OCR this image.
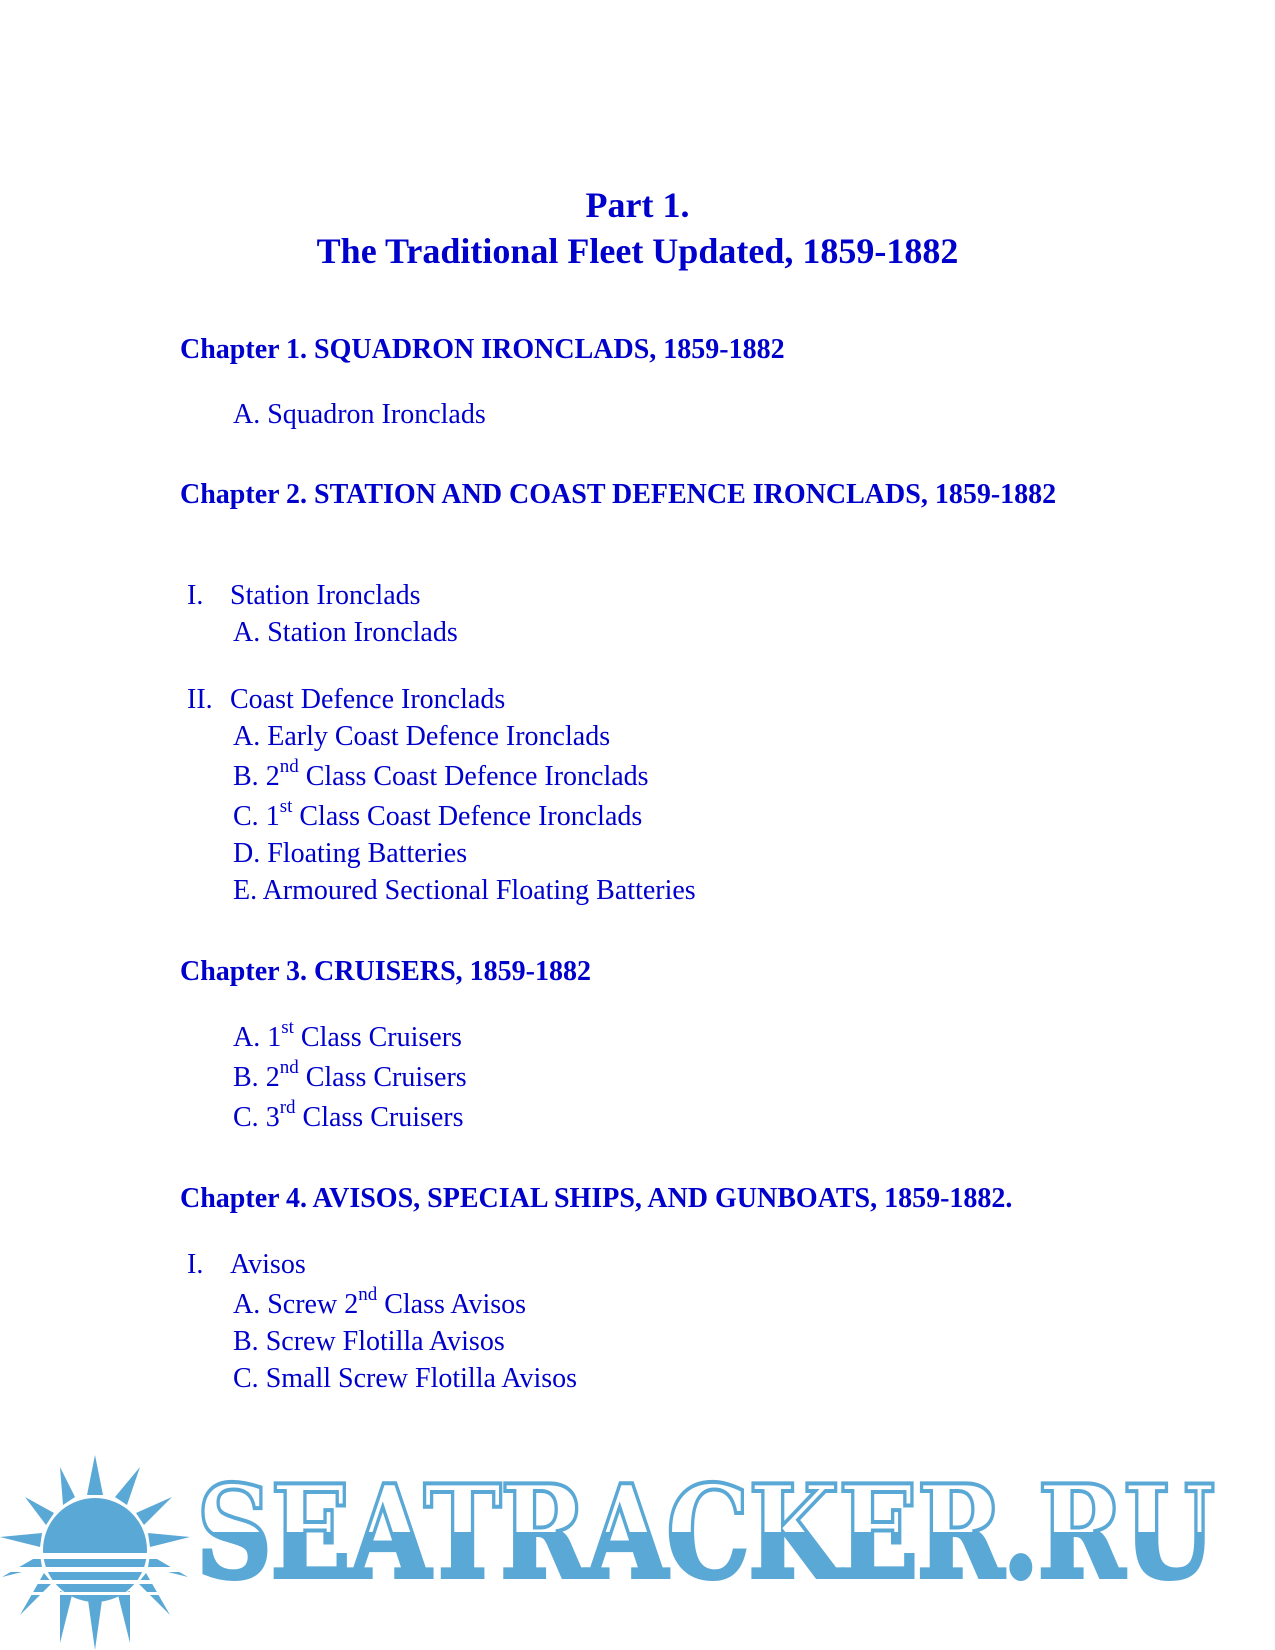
Part 1.
The Traditional Fleet Updated, 1859-1882
Chapter 1. SQUADRON IRONCLADS, 1859-1882
A. Squadron Ironclads
Chapter 2. STATION AND COAST DEFENCE IRONCLADS, 1859-1882
I. Station Ironclads
A. Station Ironclads
II. Coast Defence Ironclads
A. Early Coast Defence Ironclads
B. 2nd Class Coast Defence Ironclads
C. 1st Class Coast Defence Ironclads
D. Floating Batteries
E. Armoured Sectional Floating Batteries
Chapter 3. CRUISERS, 1859-1882
A. 1st Class Cruisers
B. 2nd Class Cruisers
C. 3rd Class Cruisers
Chapter 4. AVISOS, SPECIAL SHIPS, AND GUNBOATS, 1859-1882.
I. Avisos
A. Screw 2nd Class Avisos
B. Screw Flotilla Avisos
C. Small Screw Flotilla Avisos
SEATRACKER.RU
